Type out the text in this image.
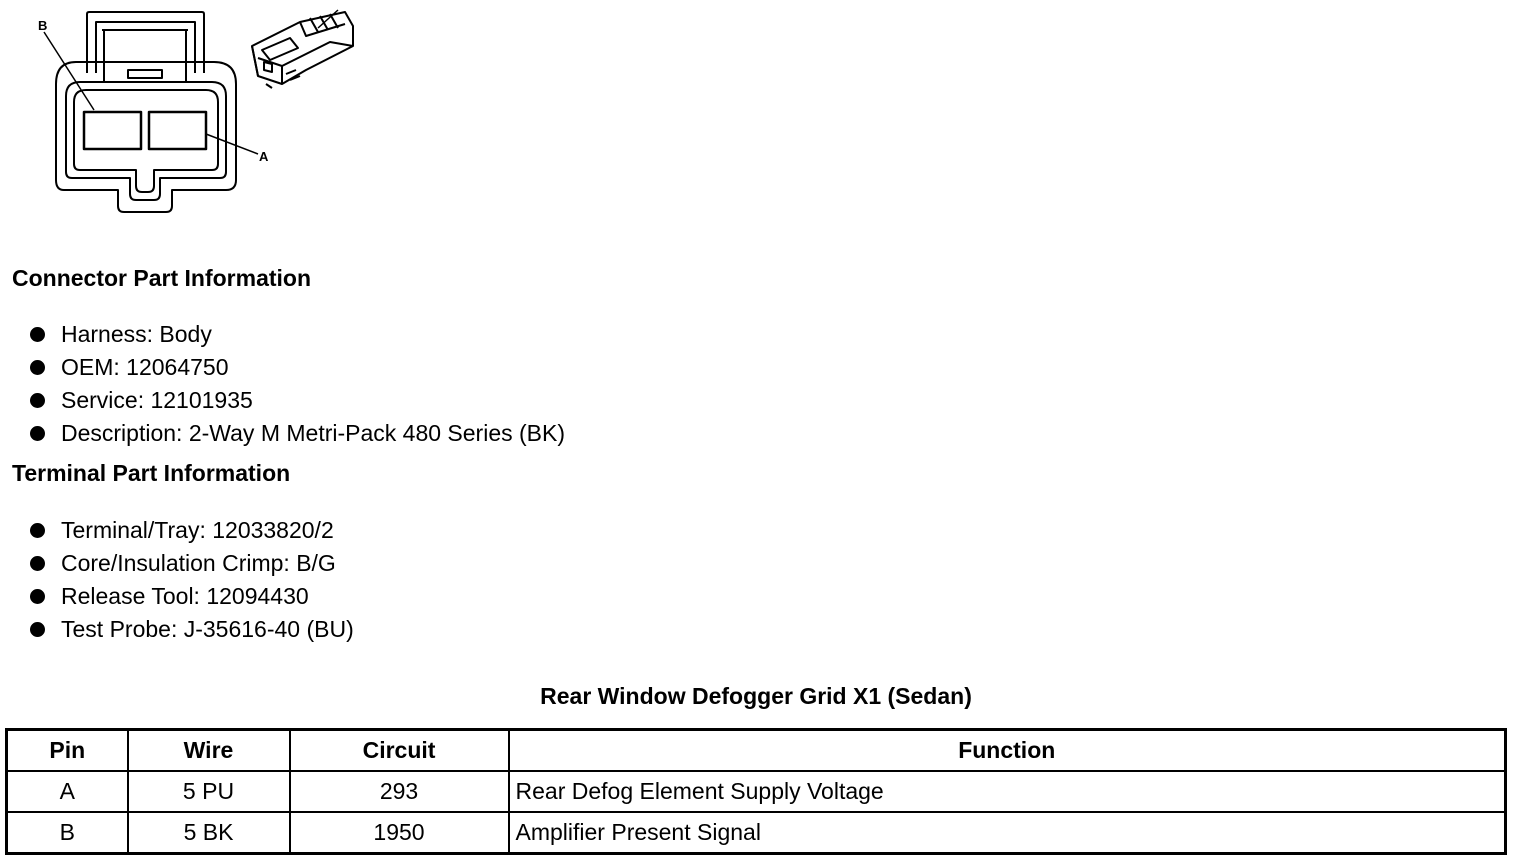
B
A
Connector Part Information
Harness: Body
OEM: 12064750
Service: 12101935
Description: 2-Way M Metri-Pack 480 Series (BK)
Terminal Part Information
Terminal/Tray: 12033820/2
Core/Insulation Crimp: B/G
Release Tool: 12094430
Test Probe: J-35616-40 (BU)
Rear Window Defogger Grid X1 (Sedan)
Pin	Wire	Circuit	Function
A	5 PU	293	Rear Defog Element Supply Voltage
B	5 BK	1950	Amplifier Present Signal
